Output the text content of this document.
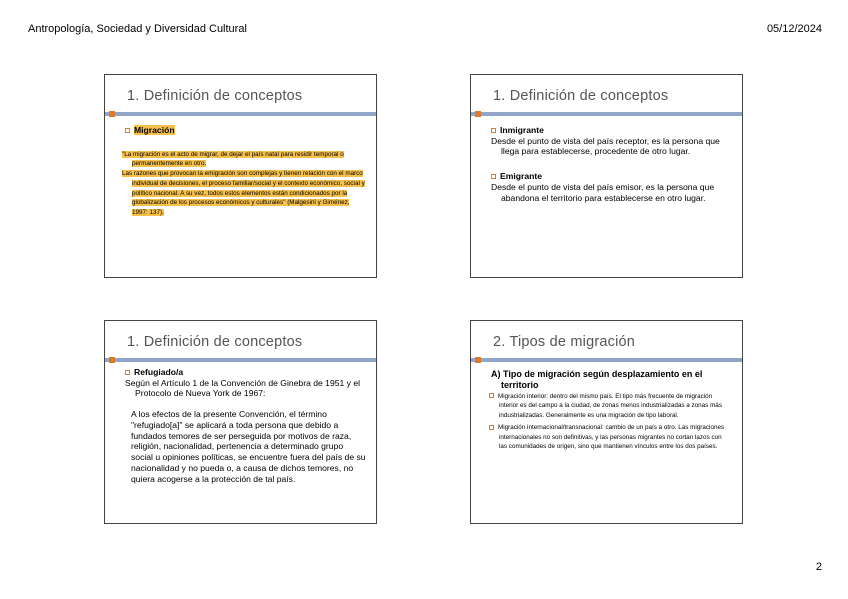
Antropología, Sociedad y Diversidad Cultural	05/12/2024
1. Definición de conceptos

Migración

"La migración es el acto de migrar, de dejar el país natal para residir temporal o permanentemente en otro.

Las razones que provocan la emigración son complejas y tienen relación con el marco individual de decisiones, el proceso familiar/social y el contexto económico, social y político nacional. A su vez, todos estos elementos están condicionados por la globalización de los procesos económicos y culturales" (Malgesini y Giménez, 1997: 137).

1. Definición de conceptos

Inmigrante

Desde el punto de vista del país receptor, es la persona que llega para establecerse, procedente de otro lugar.

Emigrante

Desde el punto de vista del país emisor, es la persona que abandona el territorio para establecerse en otro lugar.

1. Definición de conceptos

Refugiado/a

Según el Artículo 1 de la Convención de Ginebra de 1951 y el Protocolo de Nueva York de 1967:

A los efectos de la presente Convención, el término "refugiado[a]" se aplicará a toda persona que debido a fundados temores de ser perseguida por motivos de raza, religión, nacionalidad, pertenencia a determinado grupo social u opiniones políticas, se encuentre fuera del país de su nacionalidad y no pueda o, a causa de dichos temores, no quiera acogerse a la protección de tal país.

2. Tipos de migración

A) Tipo de migración según desplazamiento en el territorio

Migración interior: dentro del mismo país. El tipo más frecuente de migración interior es del campo a la ciudad, de zonas menos industrializadas a zonas más industrializadas. Generalmente es una migración de tipo laboral.

Migración internacional/transnacional: cambio de un país a otro. Las migraciones internacionales no son definitivas, y las personas migrantes no cortan lazos con las comunidades de origen, sino que mantienen vínculos entre los dos países.

2
